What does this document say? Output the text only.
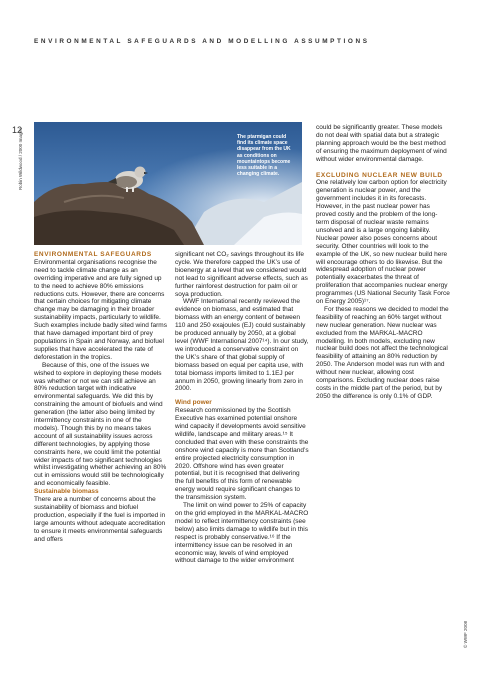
ENVIRONMENTAL SAFEGUARDS AND MODELLING ASSUMPTIONS
12
Robin Wildwood / 2000 Images	The ptarmigan could find its climate space disappear from the UK as conditions on mountaintops become less suitable in a changing climate.

ENVIRONMENTAL SAFEGUARDS

Environmental organisations recognise the need to tackle climate change as an overriding imperative and are fully signed up to the need to achieve 80% emissions reductions cuts. However, there are concerns that certain choices for mitigating climate change may be damaging in their broader sustainability impacts, particularly to wildlife. Such examples include badly sited wind farms that have damaged important bird of prey populations in Spain and Norway, and biofuel supplies that have accelerated the rate of deforestation in the tropics.

Because of this, one of the issues we wished to explore in deploying these models was whether or not we can still achieve an 80% reduction target with indicative environmental safeguards. We did this by constraining the amount of biofuels and wind generation (the latter also being limited by intermittency constraints in one of the models). Though this by no means takes account of all sustainability issues across different technologies, by applying those constraints here, we could limit the potential wider impacts of two significant technologies whilst investigating whether achieving an 80% cut in emissions would still be technologically and economically feasible.

Sustainable biomass

There are a number of concerns about the sustainability of biomass and biofuel production, especially if the fuel is imported in large amounts without adequate accreditation to ensure it meets environmental safeguards and offers

significant net CO₂ savings throughout its life cycle. We therefore capped the UK’s use of bioenergy at a level that we considered would not lead to significant adverse effects, such as further rainforest destruction for palm oil or soya production.

WWF International recently reviewed the evidence on biomass, and estimated that biomass with an energy content of between 110 and 250 exajoules (EJ) could sustainably be produced annually by 2050, at a global level (WWF International 2007¹⁴). In our study, we introduced a conservative constraint on the UK’s share of that global supply of biomass based on equal per capita use, with total biomass imports limited to 1.1EJ per annum in 2050, growing linearly from zero in 2000.

Wind power

Research commissioned by the Scottish Executive has examined potential onshore wind capacity if developments avoid sensitive wildlife, landscape and military areas.¹⁵ It concluded that even with these constraints the onshore wind capacity is more than Scotland’s entire projected electricity consumption in 2020. Offshore wind has even greater potential, but it is recognised that delivering the full benefits of this form of renewable energy would require significant changes to the transmission system.

The limit on wind power to 25% of capacity on the grid employed in the MARKAL-MACRO model to reflect intermittency constraints (see below) also limits damage to wildlife but in this respect is probably conservative.¹⁶ If the intermittency issue can be resolved in an economic way, levels of wind employed without damage to the wider environment

could be significantly greater. These models do not deal with spatial data but a strategic planning approach would be the best method of ensuring the maximum deployment of wind without wider environmental damage.

EXCLUDING NUCLEAR NEW BUILD

One relatively low carbon option for electricity generation is nuclear power, and the government includes it in its forecasts. However, in the past nuclear power has proved costly and the problem of the long-term disposal of nuclear waste remains unsolved and is a large ongoing liability. Nuclear power also poses concerns about security. Other countries will look to the example of the UK, so new nuclear build here will encourage others to do likewise. But the widespread adoption of nuclear power potentially exacerbates the threat of proliferation that accompanies nuclear energy programmes (US National Security Task Force on Energy 2005)¹⁷.

For these reasons we decided to model the feasibility of reaching an 60% target without new nuclear generation. New nuclear was excluded from the MARKAL-MACRO modelling. In both models, excluding new nuclear build does not affect the technological feasibility of attaining an 80% reduction by 2050. The Anderson model was run with and without new nuclear, allowing cost comparisons. Excluding nuclear does raise costs in the middle part of the period, but by 2050 the difference is only 0.1% of GDP.

© WWF 2008
